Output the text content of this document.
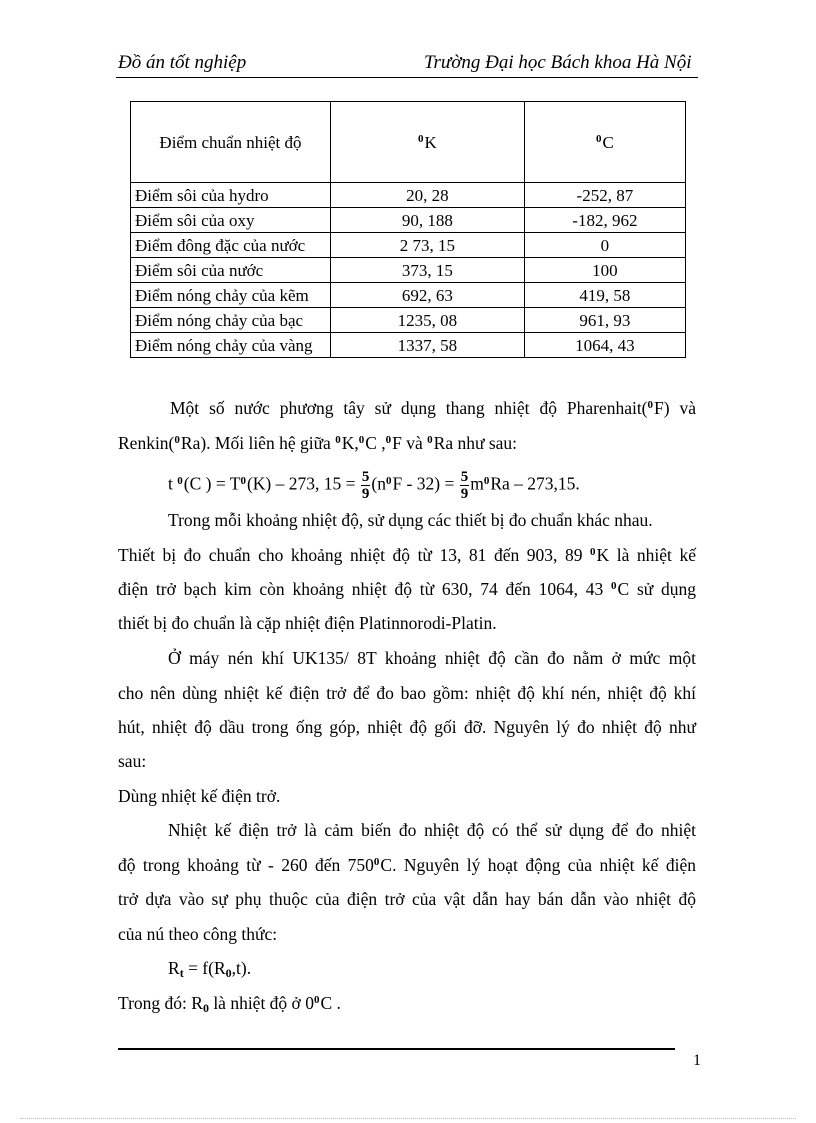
Đồ án tốt nghiệp	Trường Đại học Bách khoa Hà Nội
Điểm chuẩn nhiệt độ	$^0$K	$^0$C
Điểm sôi của hydro	20, 28	-252, 87
Điểm sôi của oxy	90, 188	-182, 962
Điểm đông đặc của nước	2 73, 15	0
Điểm sôi của nước	373, 15	100
Điểm nóng chảy của kẽm	692, 63	419, 58
Điểm nóng chảy của bạc	1235, 08	961, 93
Điểm nóng chảy của vàng	1337, 58	1064, 43
Một số nước phương tây sử dụng thang nhiệt độ Pharenhait($^0$F) và
Renkin($^0$Ra). Mối liên hệ giữa $^0$K,$^0$C ,$^0$F và $^0$Ra như sau:
t $^0$(C ) = $T^0(K) - 273$, $15 = \frac{5}{9} (n^0F - 32) = \frac{5}{9} m^0Ra - 273,15$.
Trong mỗi khoảng nhiệt độ, sử dụng các thiết bị đo chuẩn khác nhau.
Thiết bị đo chuẩn cho khoảng nhiệt độ từ 13, 81 đến 903, 89 $^0$K là nhiệt kế
điện trở bạch kim còn khoảng nhiệt độ từ 630, 74 đến 1064, 43 $^0$C sử dụng
thiết bị đo chuẩn là cặp nhiệt điện Platinnorodi-Platin.
Ở máy nén khí UK135/ 8T khoảng nhiệt độ cần đo nằm ở mức một
cho nên dùng nhiệt kế điện trở để đo bao gồm: nhiệt độ khí nén, nhiệt độ khí
hút, nhiệt độ dầu trong ống góp, nhiệt độ gối đỡ. Nguyên lý đo nhiệt độ như
sau:
Dùng nhiệt kế điện trở.
Nhiệt kế điện trở là cảm biến đo nhiệt độ có thể sử dụng để đo nhiệt
độ trong khoảng từ - 260 đến $750^0C$. Nguyên lý hoạt động của nhiệt kế điện
trở dựa vào sự phụ thuộc của điện trở của vật dẫn hay bán dẫn vào nhiệt độ
của nú theo công thức:
$R_t = f(R_0,t)$.
Trong đó: $R_0$ là nhiệt độ ở $0^0C$ .
1
